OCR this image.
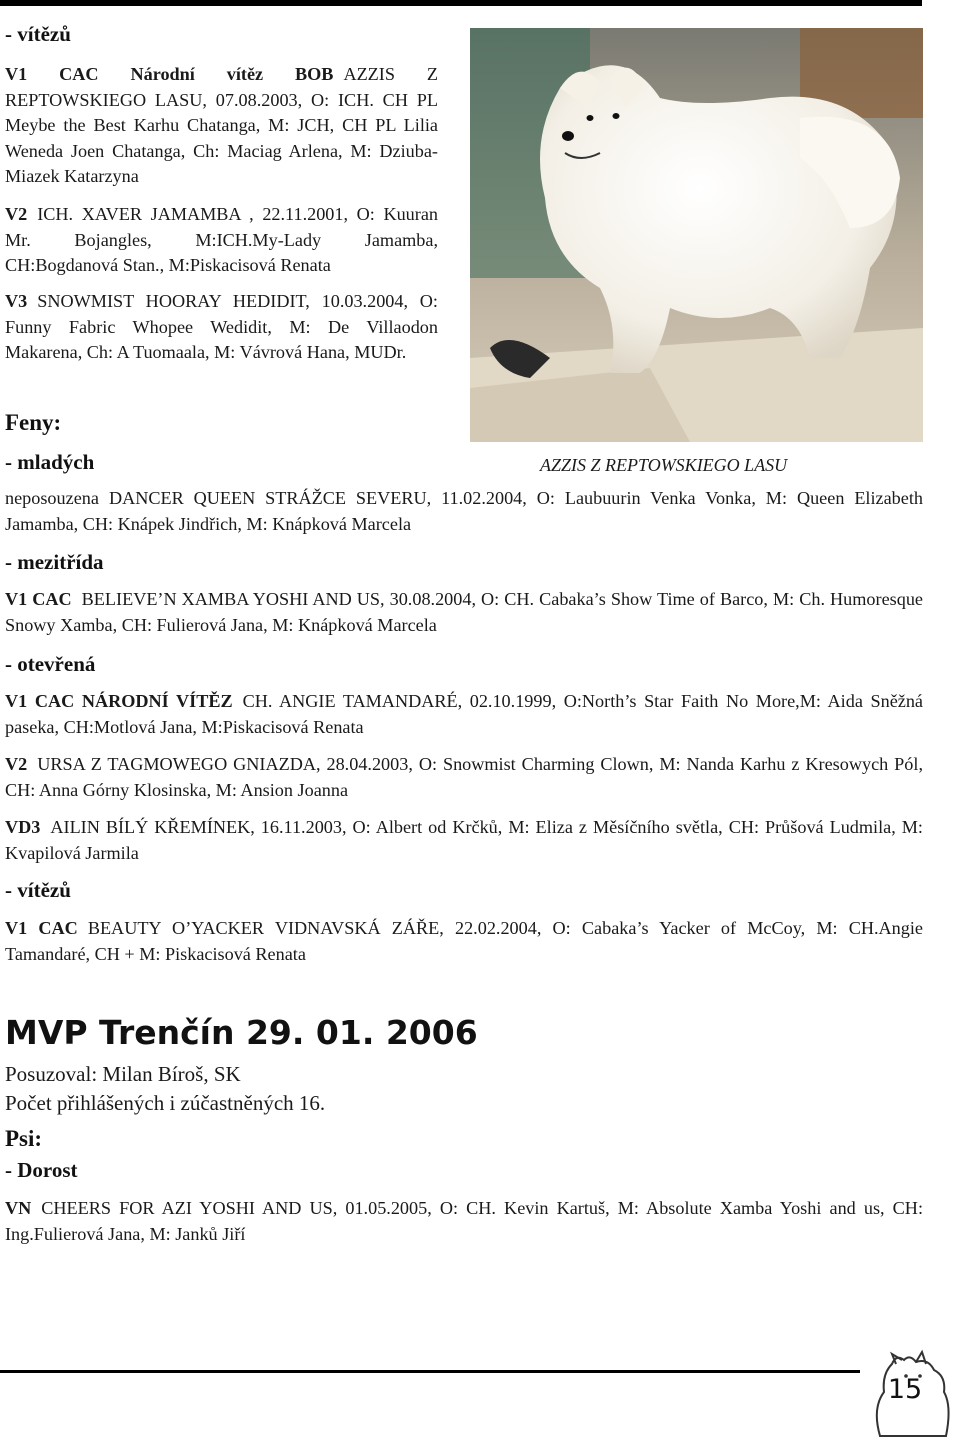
- vítězů

V1 CAC Národní vítěz BOB AZZIS Z REPTOWSKIEGO LASU, 07.08.2003, O: ICH. CH PL Meybe the Best Karhu Chatanga, M: JCH, CH PL Lilia Weneda Joen Chatanga, Ch: Maciag Arlena, M: Dziuba-Miazek Katarzyna

V2 ICH. XAVER JAMAMBA , 22.11.2001, O: Kuuran Mr. Bojangles, M:ICH.My-Lady Jamamba, CH:Bogdanová Stan., M:Piskacisová Renata

V3 SNOWMIST HOORAY HEDIDIT, 10.03.2004, O: Funny Fabric Whopee Wedidit, M: De Villaodon Makarena, Ch: A Tuomaala, M: Vávrová Hana, MUDr.

Feny:
- mladých	AZZIS Z REPTOWSKIEGO LASU

neposouzena DANCER QUEEN STRÁŽCE SEVERU, 11.02.2004, O: Laubuurin Venka Vonka, M: Queen Elizabeth Jamamba, CH: Knápek Jindřich, M: Knápková Marcela

- mezitřída

V1 CAC BELIEVE’N XAMBA YOSHI AND US, 30.08.2004, O: CH. Cabaka’s Show Time of Barco, M: Ch. Humoresque Snowy Xamba, CH: Fulierová Jana, M: Knápková Marcela

- otevřená

V1 CAC NÁRODNÍ VÍTĚZ CH. ANGIE TAMANDARÉ, 02.10.1999, O:North’s Star Faith No More,M: Aida Sněžná paseka, CH:Motlová Jana, M:Piskacisová Renata

V2 URSA Z TAGMOWEGO GNIAZDA, 28.04.2003, O: Snowmist Charming Clown, M: Nanda Karhu z Kresowych Pól, CH: Anna Górny Klosinska, M: Ansion Joanna

VD3 AILIN BÍLÝ KŘEMÍNEK, 16.11.2003, O: Albert od Krčků, M: Eliza z Měsíčního světla, CH: Průšová Ludmila, M: Kvapilová Jarmila

- vítězů

V1 CAC BEAUTY O’YACKER VIDNAVSKÁ ZÁŘE, 22.02.2004, O: Cabaka’s Yacker of McCoy, M: CH.Angie Tamandaré, CH + M: Piskacisová Renata

MVP Trenčín 29. 01. 2006

Posuzoval: Milan Bíroš, SK

Počet přihlášených i zúčastněných 16.

Psi:
- Dorost

VN CHEERS FOR AZI YOSHI AND US, 01.05.2005, O: CH. Kevin Kartuš, M: Absolute Xamba Yoshi and us, CH: Ing.Fulierová Jana, M: Janků Jiří

15
